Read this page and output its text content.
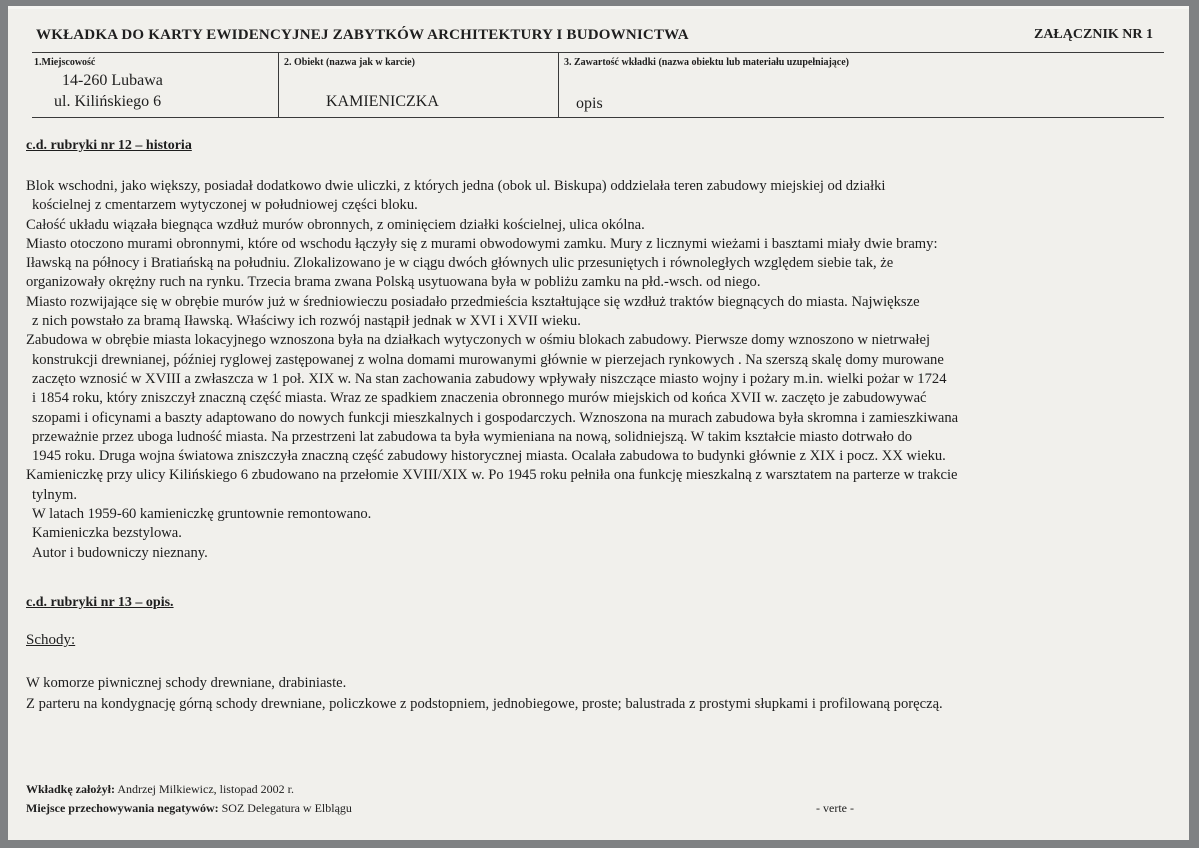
WKŁADKA DO KARTY EWIDENCYJNEJ ZABYTKÓW ARCHITEKTURY I BUDOWNICTWA	ZAŁĄCZNIK NR 1
1.Miejscowość
14-260 Lubawa
ul. Kilińskiego 6
2. Obiekt (nazwa jak w karcie)
KAMIENICZKA
3. Zawartość wkładki (nazwa obiektu lub materiału uzupełniające)
opis
c.d. rubryki nr 12 – historia
Blok wschodni, jako większy, posiadał dodatkowo dwie uliczki, z których jedna (obok ul. Biskupa) oddzielała teren zabudowy miejskiej od działki
kościelnej z cmentarzem wytyczonej w południowej części bloku.
Całość układu wiązała biegnąca wzdłuż murów obronnych, z ominięciem działki kościelnej, ulica okólna.
Miasto otoczono murami obronnymi, które od wschodu łączyły się z murami obwodowymi zamku. Mury z licznymi wieżami i basztami miały dwie bramy:
Iławską na północy i Bratiańską na południu. Zlokalizowano je w ciągu dwóch głównych ulic przesuniętych i równoległych względem siebie tak, że
organizowały okrężny ruch na rynku. Trzecia brama zwana Polską usytuowana była w pobliżu zamku na płd.-wsch. od niego.
Miasto rozwijające się w obrębie murów już w średniowieczu posiadało przedmieścia kształtujące się wzdłuż traktów biegnących do miasta. Największe
z nich powstało za bramą Iławską. Właściwy ich rozwój nastąpił jednak w XVI i XVII wieku.
Zabudowa w obrębie miasta lokacyjnego wznoszona była na działkach wytyczonych w ośmiu blokach zabudowy. Pierwsze domy wznoszono w nietrwałej
konstrukcji drewnianej, później ryglowej zastępowanej z wolna domami murowanymi głównie w pierzejach rynkowych . Na szerszą skalę domy murowane
zaczęto wznosić w XVIII a zwłaszcza w 1 poł. XIX w. Na stan zachowania zabudowy wpływały niszczące miasto wojny i pożary m.in. wielki pożar w 1724
i 1854 roku, który zniszczył znaczną część miasta. Wraz ze spadkiem znaczenia obronnego murów miejskich od końca XVII w. zaczęto je zabudowywać
szopami i oficynami a baszty adaptowano do nowych funkcji mieszkalnych i gospodarczych. Wznoszona na murach zabudowa była skromna i zamieszkiwana
przeważnie przez uboga ludność miasta. Na przestrzeni lat zabudowa ta była wymieniana na nową, solidniejszą. W takim kształcie miasto dotrwało do
1945 roku. Druga wojna światowa zniszczyła znaczną część zabudowy historycznej miasta. Ocalała zabudowa to budynki głównie z XIX i pocz. XX wieku.
Kamieniczkę przy ulicy Kilińskiego 6 zbudowano na przełomie XVIII/XIX w. Po 1945 roku pełniła ona funkcję mieszkalną z warsztatem na parterze w trakcie
tylnym.
W latach 1959-60 kamieniczkę gruntownie remontowano.
Kamieniczka bezstylowa.
Autor i budowniczy nieznany.
c.d. rubryki nr 13 – opis.
Schody:
W komorze piwnicznej schody drewniane, drabiniaste.
Z parteru na kondygnację górną schody drewniane, policzkowe z podstopniem, jednobiegowe, proste; balustrada z prostymi słupkami i profilowaną poręczą.
Wkładkę założył: Andrzej Milkiewicz, listopad 2002 r.
Miejsce przechowywania negatywów: SOZ Delegatura w Elblągu	- verte -
